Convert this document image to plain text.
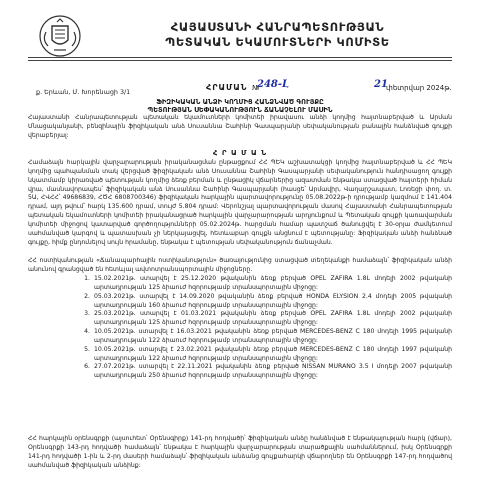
ՀԱՅԱՍՏԱՆԻ ՀԱՆՐԱՊԵՏՈՒԹՅԱՆ
ՊԵՏԱԿԱՆ ԵԿԱՄՈՒՏՆԵՐԻ ԿՈՄԻՏԵ
ք. Երևան, Մ. Խորենացի 3/1	ՀՐԱՄԱՆ №
248-Լ	21
փետրվար 2024թ.
ՖԻԶԻԿԱԿԱՆ ԱՆՁԻ ԿՈՂՄԻՑ ՀԱՆՁՆՎԱԾ ԳՈՒՅՔԸ
ՊԵՏՈՒԹՅԱՆ ՍԵՓԱԿԱՆՈՒԹՅՈՒՆ ՃԱՆԱՉԵԼՈՒ ՄԱՍԻՆ
Հայաստանի Հանրապետության պետական եկամուտների կոմիտեի իրավասու անձի կողմից հայտնաբերված և Արման Մնացականյանի, բենզինային ֆիզիկական անձ Սուսաննա Շահինի Գասպարյանի սեփականության բանալին հանձնված գույքի վերաբերյալ:
Հ Ր Ա Մ Ա Ն
Համաձայն հարկային վարչարարության իրականացման ընթացքում ՀՀ ՊԵԿ աշխատակցի կողմից հայտնաբերված և ՀՀ ՊԵԿ կողմից պահպանման տակ վերցված ֆիզիկական անձ Սուսաննա Շահինի Գասպարյանի սեփականություն հանդիսացող գույքի նկատմամբ կիրառված պետության կողմից ձեռք բերման և ընթացիկ վճարներից ազատման ենթակա ստացված հայտերի հիման վրա, մասնավորապես՝ ֆիզիկական անձ Սուսաննա Շահինի Գասպարյանի (հասցե՝ Արմավիր, Վաղարշապատ, Լոռեցի փող. տ. 5Ա, ՀՎՀՀ՝ 49686839, ՀԾՀ 6808700346) ֆիզիկական հարկային պարտավորությունը 05.08.2022թ-ի դրությամբ կազմում է 141.404 դրամ, այդ թվում՝ հարկ 135.600 դրամ, տույժ 5.804 դրամ: Վերոնշյալ պարտավորության մասով Հայաստանի Հանրապետության պետական եկամուտների կոմիտեի իրականացրած հարկային վարչարարության արդյունքում և Պետական գույքի կառավարման կոմիտեի միջոցով կատարված գործողությունների 05.02.2024թ. հարցման համար պատշաճ ծանուցվել է 30-օրյա ժամկետում սահմանված կարգով և պատասխան չի ներկայացվել, հետևաբար գույքն անցնում է պետությանը: Ֆիզիկական անձի հանձնած գույքը, հիմք ընդունելով սույն հրամանը, ենթակա է պետության սեփականություն ճանաչման.
ՀՀ ոստիկանության «Ճանապարհային ոստիկանություն» ծառայությունից ստացված տեղեկանքի համաձայն՝ ֆիզիկական անձի անունով գրանցված են հետևյալ ավտոտրանսպորտային միջոցները.
1. 15.02.2021թ. ստարվել է 25.12.2020 թվականին ձեռք բերված OPEL ZAFIRA 1.8L մոդելի 2002 թվականի արտադրության 125 ձիաուժ հզորությամբ տրանսպորտային միջոցը:
2. 05.03.2021թ. ստարվել է 14.09.2020 թվականին ձեռք բերված HONDA ELYSION 2.4 մոդելի 2005 թվականի արտադրության 160 ձիաուժ հզորությամբ տրանսպորտային միջոցը:
3. 25.03.2021թ. ստարվել է 01.03.2021 թվականին ձեռք բերված OPEL ZAFIRA 1.8L մոդելի 2002 թվականի արտադրության 125 ձիաուժ հզորությամբ տրանսպորտային միջոցը:
4. 10.05.2021թ. ստարվել է 16.03.2021 թվականին ձեռք բերված MERCEDES-BENZ C 180 մոդելի 1995 թվականի արտադրության 122 ձիաուժ հզորությամբ տրանսպորտային միջոցը:
5. 10.05.2021թ. ստարվել է 23.02.2021 թվականին ձեռք բերված MERCEDES-BENZ C 180 մոդելի 1997 թվականի արտադրության 122 ձիաուժ հզորությամբ տրանսպորտային միջոցը:
6. 27.07.2021թ. ստարվել է 22.11.2021 թվականին ձեռք բերված NISSAN MURANO 3.5 I մոդելի 2007 թվականի արտադրության 250 ձիաուժ հզորությամբ տրանսպորտային միջոցը:
ՀՀ հարկային օրենսգրքի (այսուհետ՝ Օրենսգիրք) 141-րդ հոդվածի՝ ֆիզիկական անձը հանձնված է ենթակայության հարկ (վճար), Օրենսգրքի 143-րդ հոդվածի համաձայն՝ ենթակա է հարկային վարչարարության տարածքային սահմաններում, իսկ Օրենսգրքի 141-րդ հոդվածի 1-ին և 2-րդ մասերի համաձայն՝ ֆիզիկական անձանց գույքահարկի վճարողներ են Օրենսգրքի 147-րդ հոդվածով սահմանված ֆիզիկական անձինք:
